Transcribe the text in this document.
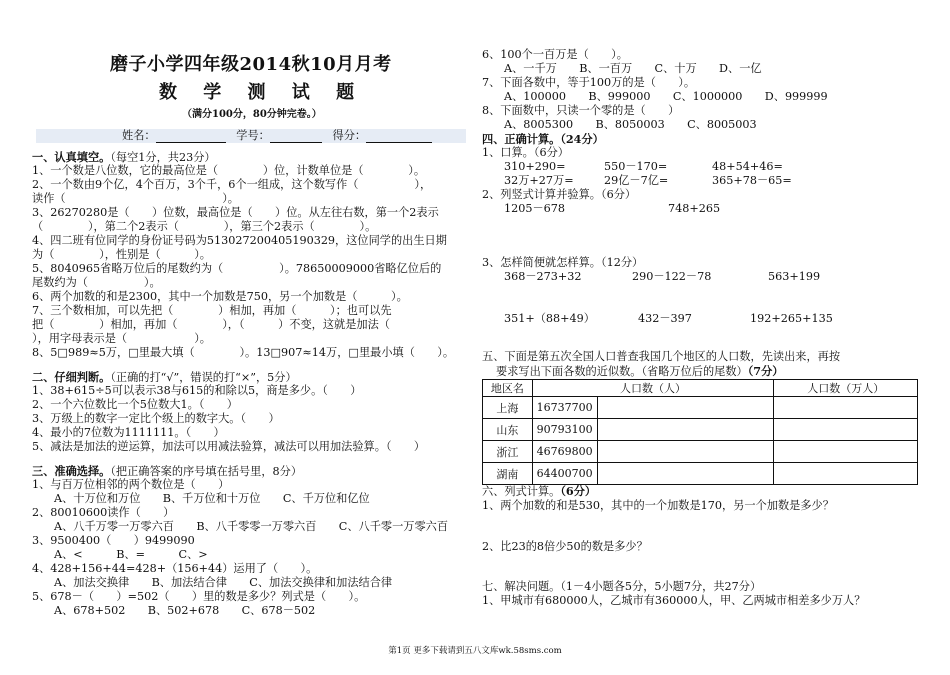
磨子小学四年级2014秋10月月考
数 学 测 试 题
（满分100分，80分钟完卷。）
姓名：	学号：	得分：
一、认真填空。（每空1分，共23分）
1、一个数是八位数，它的最高位是（　　　　）位，计数单位是（　　　　）。
2、一个数由9个亿，4个百万，3个千，6个一组成，这个数写作（　　　　　），
读作（　　　　　　　　　　　　　　）。
3、26270280是（　　）位数，最高位是（　　）位。从左往右数，第一个2表示
（　　　　），第二个2表示（　　　　），第三个2表示（　　　　）。
4、四二班有位同学的身份证号码为513027200405190329，这位同学的出生日期
为（　　　　），性别是（　　　）。
5、8040965省略万位后的尾数约为（　　　　　）。78650009000省略亿位后的
尾数约为（　　　　　）。
6、两个加数的和是2300，其中一个加数是750，另一个加数是（　　　）。
7、三个数相加，可以先把（　　　　）相加，再加（　　　）；也可以先
把（　　　　）相加，再加（　　　　），（　　　）不变，这就是加法（　
），用字母表示是（　　　　　　）。
8、5□989≈5万，□里最大填（　　　　）。13□907≈14万，□里最小填（　　）。
二、仔细判断。（正确的打“√”，错误的打“×”，5分）
1、38+615÷5可以表示38与615的和除以5，商是多少。（　　）
2、一个六位数比一个5位数大1。（　　）
3、万级上的数字一定比个级上的数字大。（　　）
4、最小的7位数为1111111。（　　）
5、减法是加法的逆运算，加法可以用减法验算，减法可以用加法验算。（　　）
三、准确选择。（把正确答案的序号填在括号里，8分）
1、与百万位相邻的两个数位是（　　）
A、十万位和万位　　B、千万位和十万位　　C、千万位和亿位
2、80010600读作（　　）
A、八千万零一万零六百　　B、八千零零一万零六百　　C、八千零一万零六百
3、9500400（　　）9499090
A、<　　　B、=　　　C、>
4、428+156+44=428+（156+44）运用了（　　）。
A、加法交换律　　B、加法结合律　　C、加法交换律和加法结合律
5、678－（　　）=502（　　）里的数是多少？列式是（　　）。
A、678+502　　B、502+678　　C、678－502
6、100个一百万是（　　）。
A、一千万　　B、一百万　　C、十万　　D、一亿
7、下面各数中，等于100万的是（　　）。
A、100000　　B、999000　　C、1000000　　D、999999
8、下面数中，只读一个零的是（　　）
A、8005300　　B、8050003　　C、8005003
四、正确计算。（24分）
1、口算。（6分）
310+290=	550－170=	48+54+46=
32万+27万=	29亿－7亿=	365+78－65=
2、列竖式计算并验算。（6分）
1205－678	748+265
3、怎样简便就怎样算。（12分）
368－273+32	290－122－78	563+199
351+（88+49）	432－397	192+265+135
五、下面是第五次全国人口普查我国几个地区的人口数，先读出来，再按
要求写出下面各数的近似数。（省略万位后的尾数）（7分）
地区名	人口数（人）		人口数（万人）
上海	16737700		
山东	90793100		
浙江	46769800		
湖南	64400700		
六、列式计算。（6分）
1、两个加数的和是530，其中的一个加数是170，另一个加数是多少？
2、比23的8倍少50的数是多少？
七、解决问题。（1－4小题各5分，5小题7分，共27分）
1、甲城市有680000人，乙城市有360000人，甲、乙两城市相差多少万人？
第1页 更多下载请到五八文库wk.58sms.com
